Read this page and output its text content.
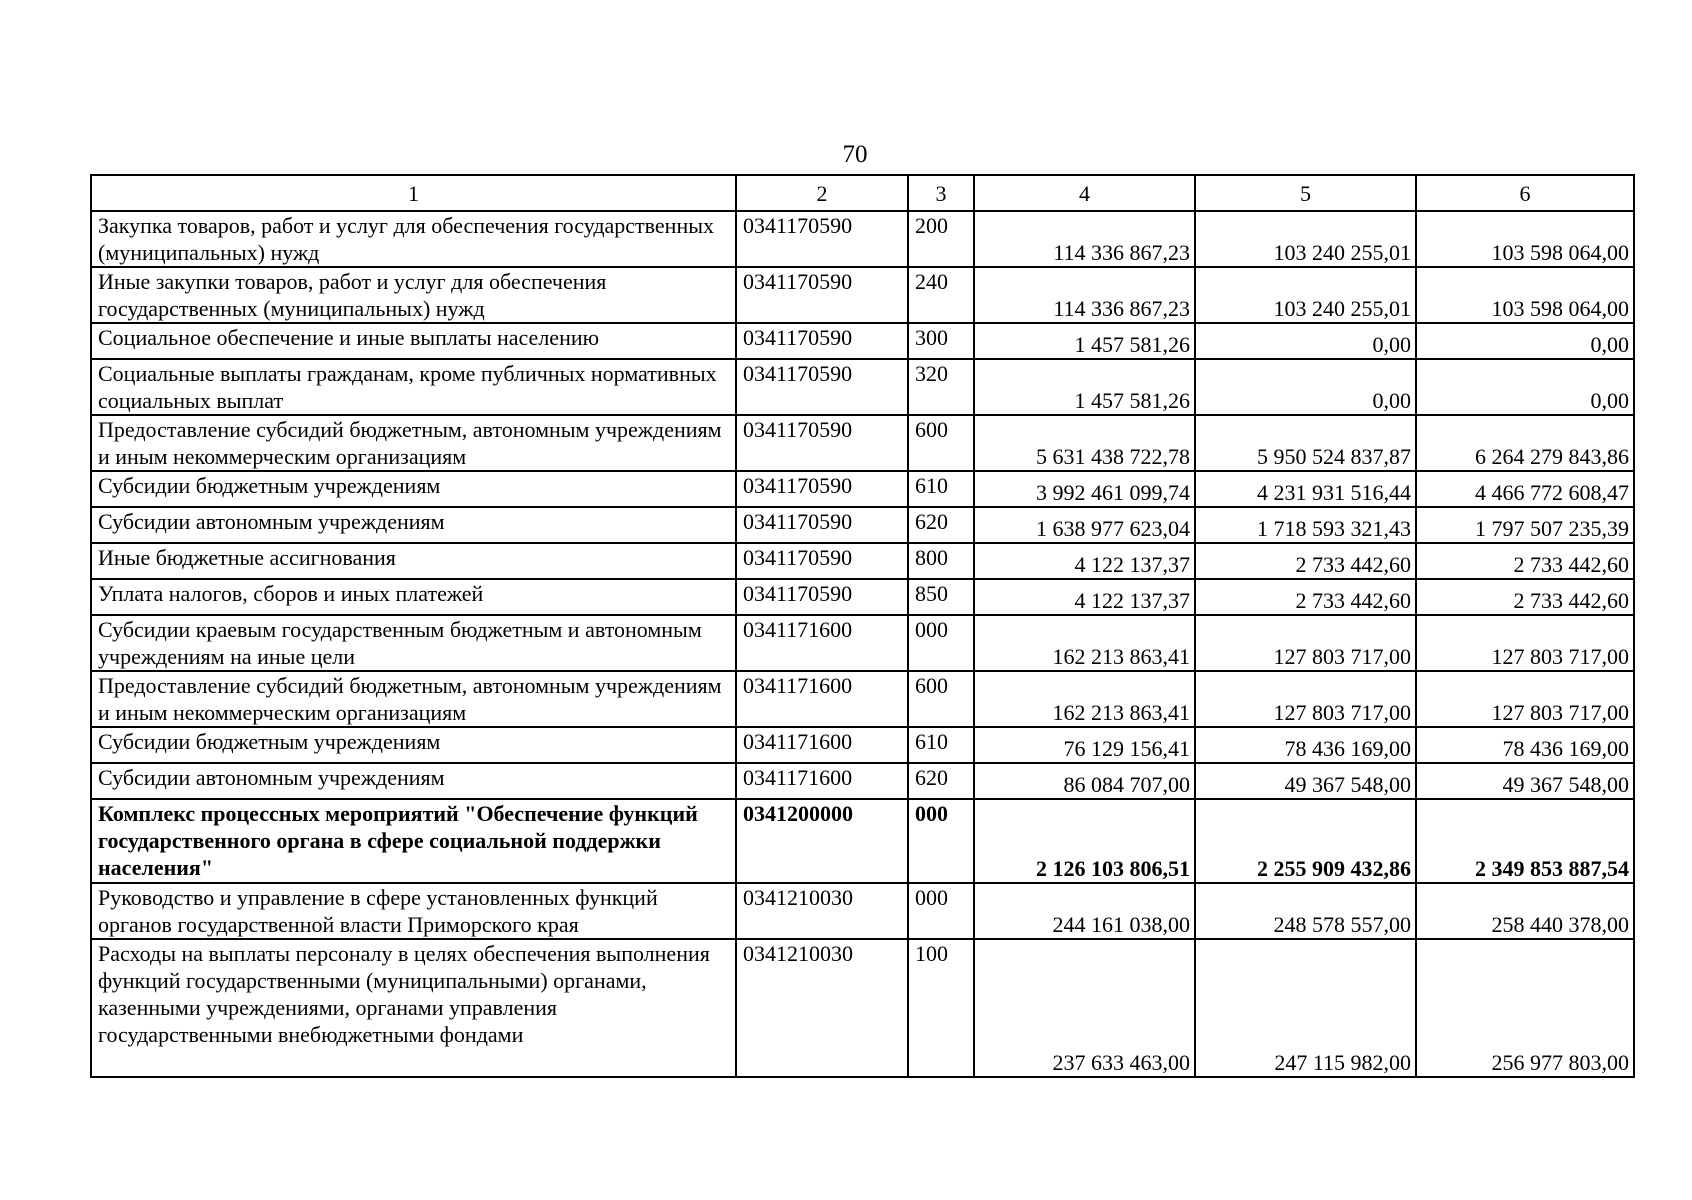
70
1	2	3	4	5	6
Закупка товаров, работ и услуг для обеспечения государственных (муниципальных) нужд	0341170590	200	114 336 867,23	103 240 255,01	103 598 064,00
Иные закупки товаров, работ и услуг для обеспечения государственных (муниципальных) нужд	0341170590	240	114 336 867,23	103 240 255,01	103 598 064,00
Социальное обеспечение и иные выплаты населению	0341170590	300	1 457 581,26	0,00	0,00
Социальные выплаты гражданам, кроме публичных нормативных социальных выплат	0341170590	320	1 457 581,26	0,00	0,00
Предоставление субсидий бюджетным, автономным учреждениям и иным некоммерческим организациям	0341170590	600	5 631 438 722,78	5 950 524 837,87	6 264 279 843,86
Субсидии бюджетным учреждениям	0341170590	610	3 992 461 099,74	4 231 931 516,44	4 466 772 608,47
Субсидии автономным учреждениям	0341170590	620	1 638 977 623,04	1 718 593 321,43	1 797 507 235,39
Иные бюджетные ассигнования	0341170590	800	4 122 137,37	2 733 442,60	2 733 442,60
Уплата налогов, сборов и иных платежей	0341170590	850	4 122 137,37	2 733 442,60	2 733 442,60
Субсидии краевым государственным бюджетным и автономным учреждениям на иные цели	0341171600	000	162 213 863,41	127 803 717,00	127 803 717,00
Предоставление субсидий бюджетным, автономным учреждениям и иным некоммерческим организациям	0341171600	600	162 213 863,41	127 803 717,00	127 803 717,00
Субсидии бюджетным учреждениям	0341171600	610	76 129 156,41	78 436 169,00	78 436 169,00
Субсидии автономным учреждениям	0341171600	620	86 084 707,00	49 367 548,00	49 367 548,00
Комплекс процессных мероприятий "Обеспечение функций государственного органа в сфере социальной поддержки населения"	0341200000	000	2 126 103 806,51	2 255 909 432,86	2 349 853 887,54
Руководство и управление в сфере установленных функций органов государственной власти Приморского края	0341210030	000	244 161 038,00	248 578 557,00	258 440 378,00
Расходы на выплаты персоналу в целях обеспечения выполнения функций государственными (муниципальными) органами, казенными учреждениями, органами управления государственными внебюджетными фондами	0341210030	100	237 633 463,00	247 115 982,00	256 977 803,00
